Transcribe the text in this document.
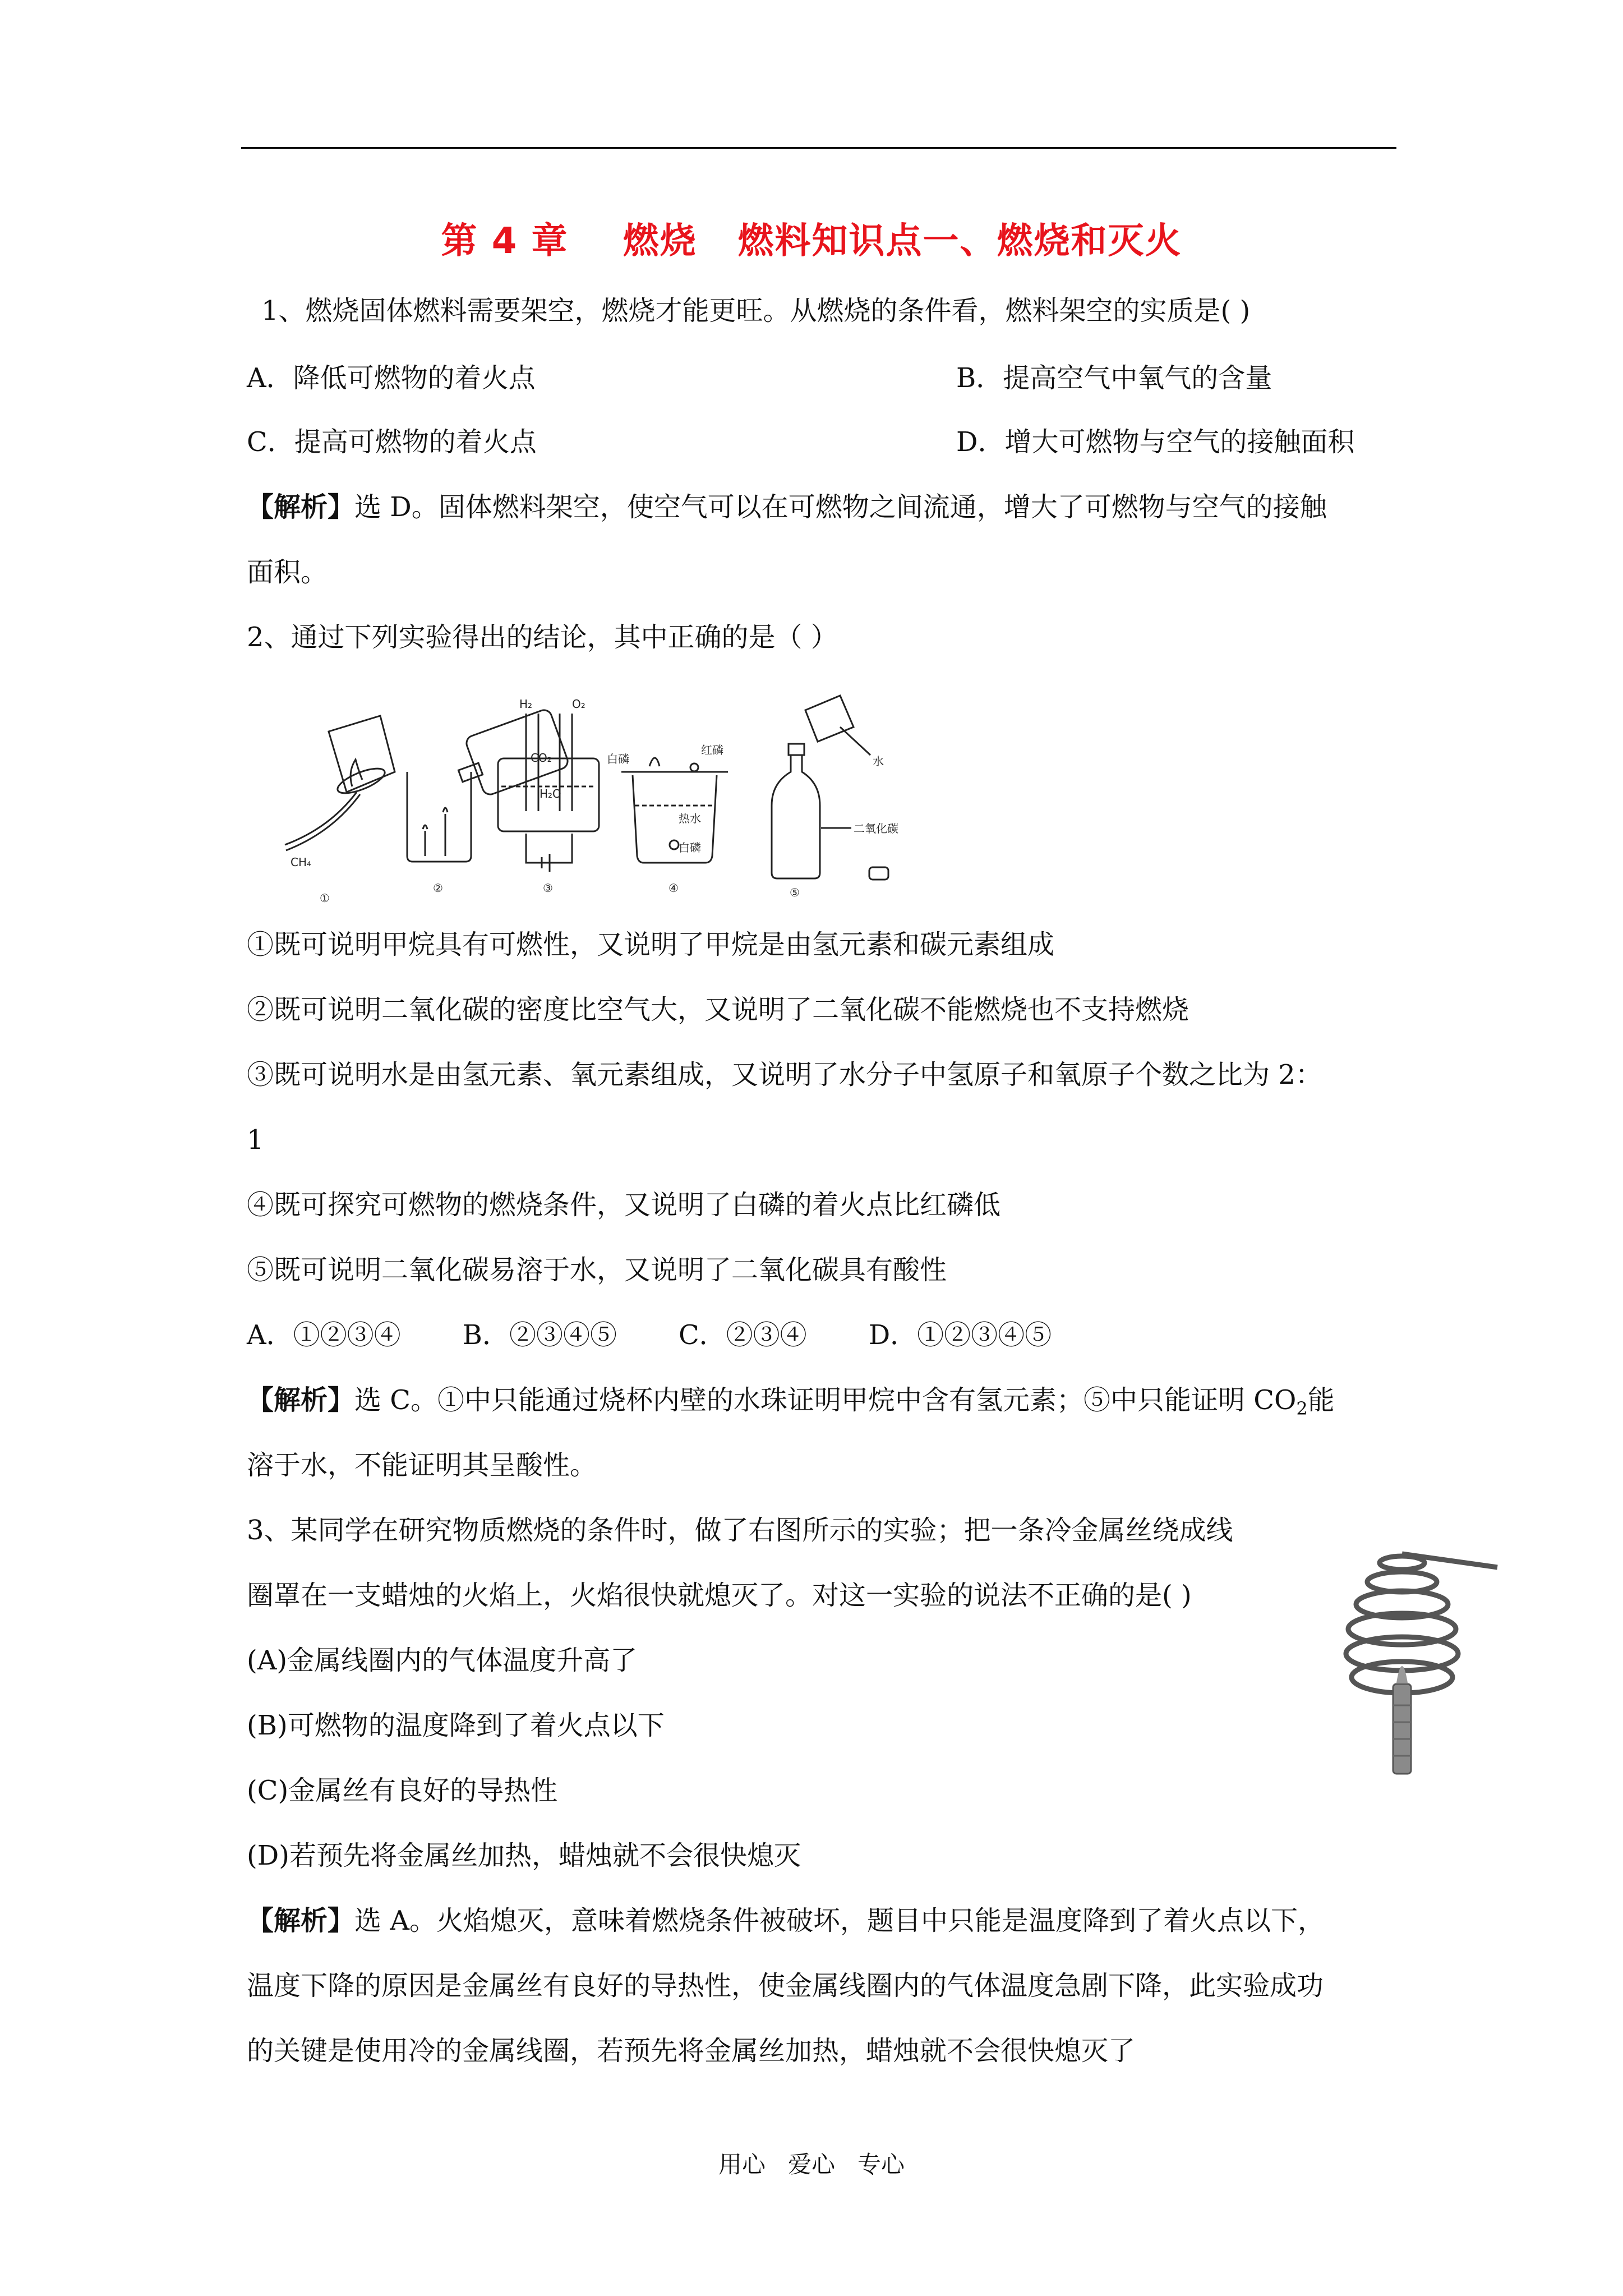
第 4 章    燃烧   燃料知识点一、燃烧和灭火
1、燃烧固体燃料需要架空，燃烧才能更旺。从燃烧的条件看，燃料架空的实质是( )
A．降低可燃物的着火点	B．提高空气中氧气的含量
C．提高可燃物的着火点	D．增大可燃物与空气的接触面积
【解析】选 D。固体燃料架空，使空气可以在可燃物之间流通，增大了可燃物与空气的接触
面积。
2、通过下列实验得出的结论，其中正确的是（ ）
CH₄
CO₂
H₂	O₂
H₂O
白磷
红磷
热水
白磷
水
二氧化碳
①
②	③	④	⑤
①既可说明甲烷具有可燃性，又说明了甲烷是由氢元素和碳元素组成
②既可说明二氧化碳的密度比空气大，又说明了二氧化碳不能燃烧也不支持燃烧
③既可说明水是由氢元素、氧元素组成，又说明了水分子中氢原子和氧原子个数之比为 2：
1
④既可探究可燃物的燃烧条件，又说明了白磷的着火点比红磷低
⑤既可说明二氧化碳易溶于水，又说明了二氧化碳具有酸性
A．①②③④ B．②③④⑤ C．②③④ D．①②③④⑤
【解析】选 C。①中只能通过烧杯内壁的水珠证明甲烷中含有氢元素；⑤中只能证明 $CO_2$能
溶于水，不能证明其呈酸性。
3、某同学在研究物质燃烧的条件时，做了右图所示的实验；把一条冷金属丝绕成线
圈罩在一支蜡烛的火焰上，火焰很快就熄灭了。对这一实验的说法不正确的是( )
(A)金属线圈内的气体温度升高了
(B)可燃物的温度降到了着火点以下
(C)金属丝有良好的导热性
(D)若预先将金属丝加热，蜡烛就不会很快熄灭
【解析】选 A。火焰熄灭，意味着燃烧条件被破坏，题目中只能是温度降到了着火点以下，
温度下降的原因是金属丝有良好的导热性，使金属线圈内的气体温度急剧下降，此实验成功
的关键是使用冷的金属线圈，若预先将金属丝加热，蜡烛就不会很快熄灭了
用心   爱心   专心
